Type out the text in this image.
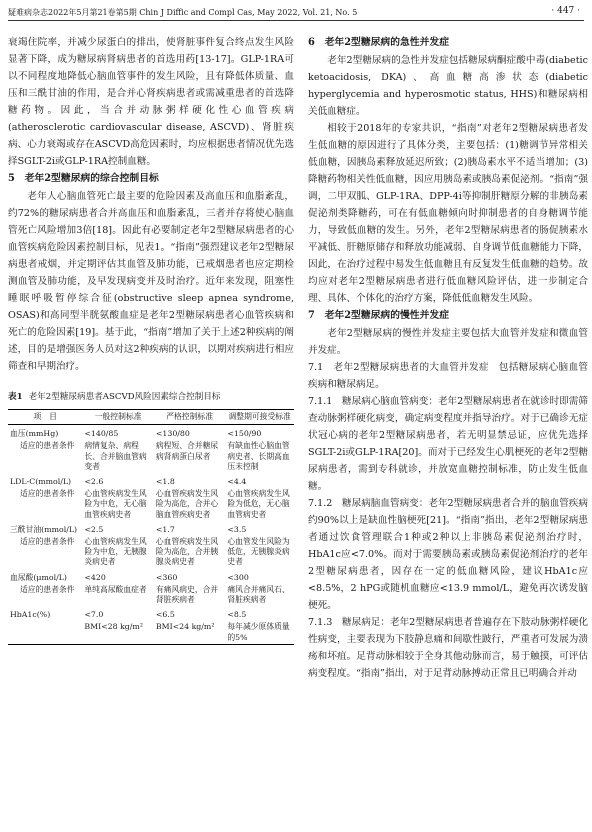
疑难病杂志2022年5月第21卷第5期 Chin J Diffic and Compl Cas, May 2022, Vol. 21, No. 5	· 447 ·

衰竭住院率，并减少尿蛋白的排出，使肾脏事件复合终点发生风险显著下降，成为糖尿病肾病患者的首选用药[13-17]。GLP-1RA可以不同程度地降低心脑血管事件的发生风险，且有降低体质量、血压和三酰甘油的作用，是合并心肾疾病患者或需减重患者的首选降糖药物。因此，当合并动脉粥样硬化性心血管疾病(atherosclerotic cardiovascular disease, ASCVD)、肾脏疾病、心力衰竭或存在ASCVD高危因素时，均应根据患者情况优先选择SGLT-2i或GLP-1RA控制血糖。

5　老年2型糖尿病的综合控制目标

老年人心脑血管死亡最主要的危险因素及高血压和血脂紊乱，约72%的糖尿病患者合并高血压和血脂紊乱，三者并存将使心脑血管死亡风险增加3倍[18]。因此有必要制定老年2型糖尿病患者的心血管疾病危险因素控制目标，见表1。“指南”强烈建议老年2型糖尿病患者戒烟，并定期评估其血管及肺功能，已戒烟患者也应定期检测血管及肺功能，及早发现病变并及时治疗。近年来发现，阻塞性睡眠呼吸暂停综合征(obstructive sleep apnea syndrome, OSAS)和高同型半胱氨酸血症是老年2型糖尿病患者心血管疾病和死亡的危险因素[19]。基于此，“指南”增加了关于上述2种疾病的阐述，目的是增强医务人员对这2种疾病的认识，以期对疾病进行相应筛查和早期治疗。

表1 老年2型糖尿病患者ASCVD风险因素综合控制目标
项　目	一般控制标准	严格控制标准	调整期可接受标准
血压(mmHg)	<140/85	<130/80	<150/90
适应的患者条件	病情复杂、病程长、合并脑血管病变者	病程短、合并糖尿病肾病蛋白尿者	有缺血性心脑血管病史者、长期高血压未控制
LDL-C(mmol/L)	<2.6	<1.8	<4.4
适应的患者条件	心血管疾病发生风险为中危，无心脑血管疾病史者	心血管疾病发生风险为高危，合并心脑血管疾病史者	心血管疾病发生风险为低危，无心脑血管病史者
三酰甘油(mmol/L)	<2.5	<1.7	<3.5
适应的患者条件	心血管疾病发生风险为中危，无胰腺炎病史者	心血管疾病发生风险为高危，合并胰腺炎病史者	心血管发生风险为低危，无胰腺炎病史者
血尿酸(μmol/L)	<420	<360	<300
适应的患者条件	单纯高尿酸血症者	有痛风病史，合并肾脏疾病者	痛风合并痛风石、肾脏疾病者
HbA1c(%)	<7.0	<6.5	<8.5
	BMI<28 kg/m²	BMI<24 kg/m²	每年减少原体质量的5%
6　老年2型糖尿病的急性并发症

老年2型糖尿病的急性并发症包括糖尿病酮症酸中毒(diabetic ketoacidosis, DKA)、高血糖高渗状态(diabetic hyperglycemia and hyperosmotic status, HHS)和糖尿病相关低血糖症。

相较于2018年的专家共识，“指南”对老年2型糖尿病患者发生低血糖的原因进行了具体分类，主要包括：(1)糖调节异常相关低血糖，因胰岛素释放延迟所致；(2)胰岛素水平不适当增加；(3)降糖药物相关性低血糖，因应用胰岛素或胰岛素促泌剂。“指南”强调，二甲双胍、GLP-1RA、DPP-4i等抑制肝糖原分解的非胰岛素促泌剂类降糖药，可在有低血糖倾向时抑制患者的自身糖调节能力，导致低血糖的发生。另外，老年2型糖尿病患者的肠促胰素水平减低、肝糖原储存和释放功能减弱、自身调节低血糖能力下降，因此，在治疗过程中易发生低血糖且有反复发生低血糖的趋势。故均应对老年2型糖尿病患者进行低血糖风险评估，进一步制定合理、具体、个体化的治疗方案，降低低血糖发生风险。

7　老年2型糖尿病的慢性并发症

老年2型糖尿病的慢性并发症主要包括大血管并发症和微血管并发症。

7.1　老年2型糖尿病患者的大血管并发症　包括糖尿病心脑血管疾病和糖尿病足。

7.1.1　糖尿病心脑血管病变：老年2型糖尿病患者在就诊时即需筛查动脉粥样硬化病变，确定病变程度并指导治疗。对于已确诊无症状冠心病的老年2型糖尿病患者，若无明显禁忌证，应优先选择SGLT-2i或GLP-1RA[20]。而对于已经发生心肌梗死的老年2型糖尿病患者，需到专科就诊，并放宽血糖控制标准，防止发生低血糖。

7.1.2　糖尿病脑血管病变：老年2型糖尿病患者合并的脑血管疾病约90%以上是缺血性脑梗死[21]。“指南”指出，老年2型糖尿病患者通过饮食管理联合1种或2种以上非胰岛素促泌剂治疗时，HbA1c应<7.0%。而对于需要胰岛素或胰岛素促泌剂治疗的老年2型糖尿病患者，因存在一定的低血糖风险，建议HbA1c应<8.5%，2 hPG或随机血糖应<13.9 mmol/L，避免再次诱发脑梗死。

7.1.3　糖尿病足：老年2型糖尿病患者普遍存在下肢动脉粥样硬化性病变，主要表现为下肢静息痛和间歇性跛行，严重者可发展为溃疡和坏疽。足背动脉相较于全身其他动脉而言，易于触摸，可评估病变程度。“指南”指出，对于足背动脉搏动正常且已明确合并动
